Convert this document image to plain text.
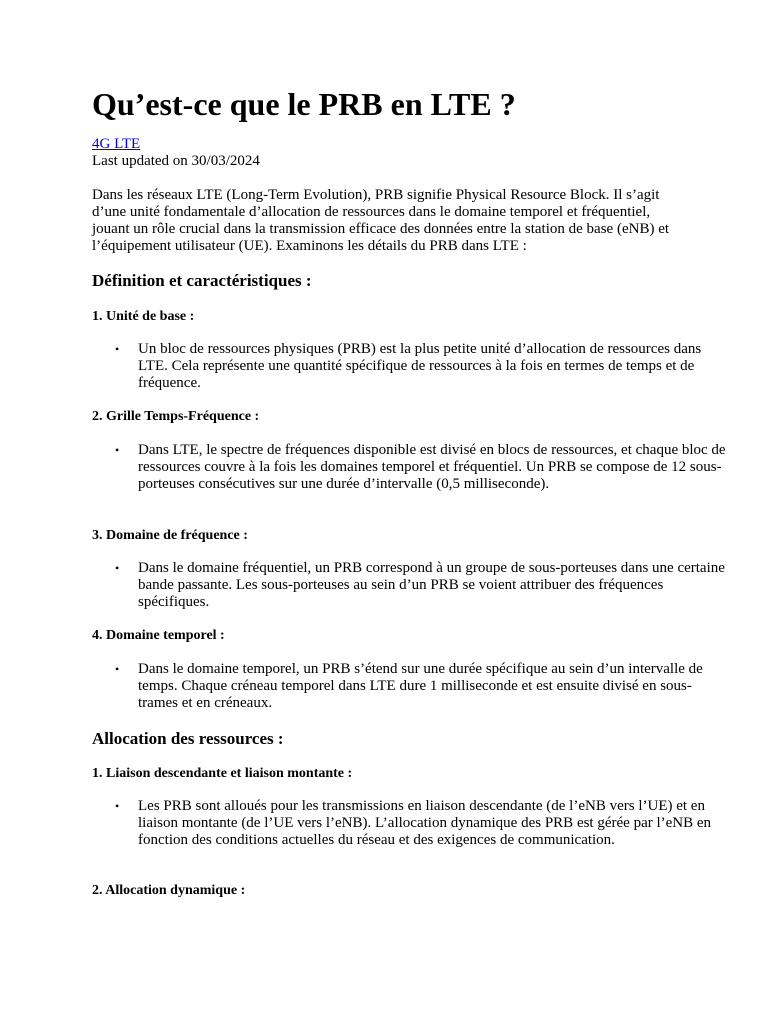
Qu’est-ce que le PRB en LTE ?
4G LTE
Last updated on 30/03/2024

Dans les réseaux LTE (Long-Term Evolution), PRB signifie Physical Resource Block. Il s’agit d’une unité fondamentale d’allocation de ressources dans le domaine temporel et fréquentiel, jouant un rôle crucial dans la transmission efficace des données entre la station de base (eNB) et l’équipement utilisateur (UE). Examinons les détails du PRB dans LTE :

Définition et caractéristiques :
1. Unité de base :
• Un bloc de ressources physiques (PRB) est la plus petite unité d’allocation de ressources dans LTE. Cela représente une quantité spécifique de ressources à la fois en termes de temps et de fréquence.
2. Grille Temps-Fréquence :
• Dans LTE, le spectre de fréquences disponible est divisé en blocs de ressources, et chaque bloc de ressources couvre à la fois les domaines temporel et fréquentiel. Un PRB se compose de 12 sous-porteuses consécutives sur une durée d’intervalle (0,5 milliseconde).
3. Domaine de fréquence :
• Dans le domaine fréquentiel, un PRB correspond à un groupe de sous-porteuses dans une certaine bande passante. Les sous-porteuses au sein d’un PRB se voient attribuer des fréquences spécifiques.
4. Domaine temporel :
• Dans le domaine temporel, un PRB s’étend sur une durée spécifique au sein d’un intervalle de temps. Chaque créneau temporel dans LTE dure 1 milliseconde et est ensuite divisé en sous-trames et en créneaux.
Allocation des ressources :
1. Liaison descendante et liaison montante :
• Les PRB sont alloués pour les transmissions en liaison descendante (de l’eNB vers l’UE) et en liaison montante (de l’UE vers l’eNB). L’allocation dynamique des PRB est gérée par l’eNB en fonction des conditions actuelles du réseau et des exigences de communication.
2. Allocation dynamique :
